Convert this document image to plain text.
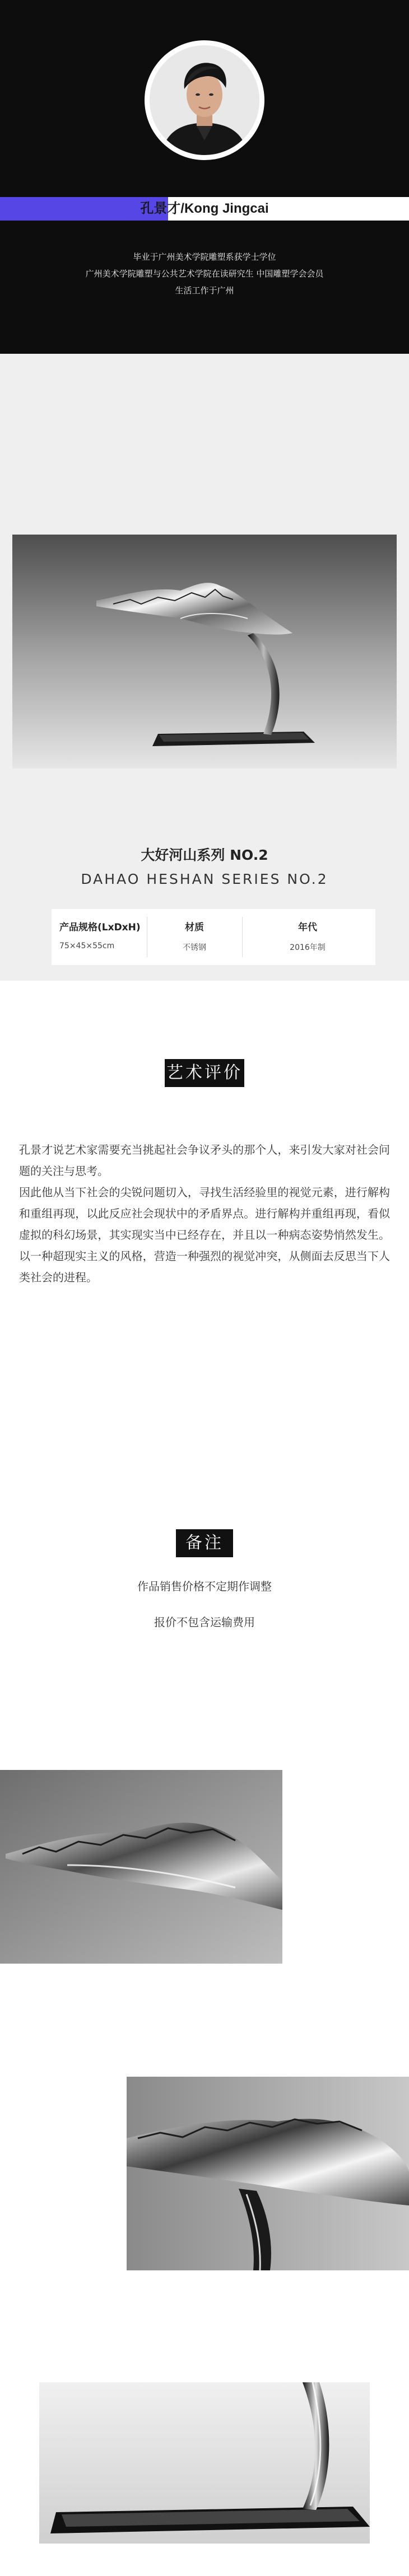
孔景才/Kong Jingcai
毕业于广州美术学院雕塑系获学士学位
广州美术学院雕塑与公共艺术学院在读研究生 中国雕塑学会会员
生活工作于广州
大好河山系列 NO.2
DAHAO HESHAN SERIES NO.2
产品规格(LxDxH)
75×45×55cm
材质
不锈钢
年代
2016年制
艺术评价

孔景才说艺术家需要充当挑起社会争议矛头的那个人，来引发大家对社会问题的关注与思考。

因此他从当下社会的尖锐问题切入，寻找生活经验里的视觉元素，进行解构和重组再现，以此反应社会现状中的矛盾界点。进行解构并重组再现，看似虚拟的科幻场景，其实现实当中已经存在，并且以一种病态姿势悄然发生。以一种超现实主义的风格，营造一种强烈的视觉冲突，从侧面去反思当下人类社会的进程。

备注
作品销售价格不定期作调整
报价不包含运输费用
